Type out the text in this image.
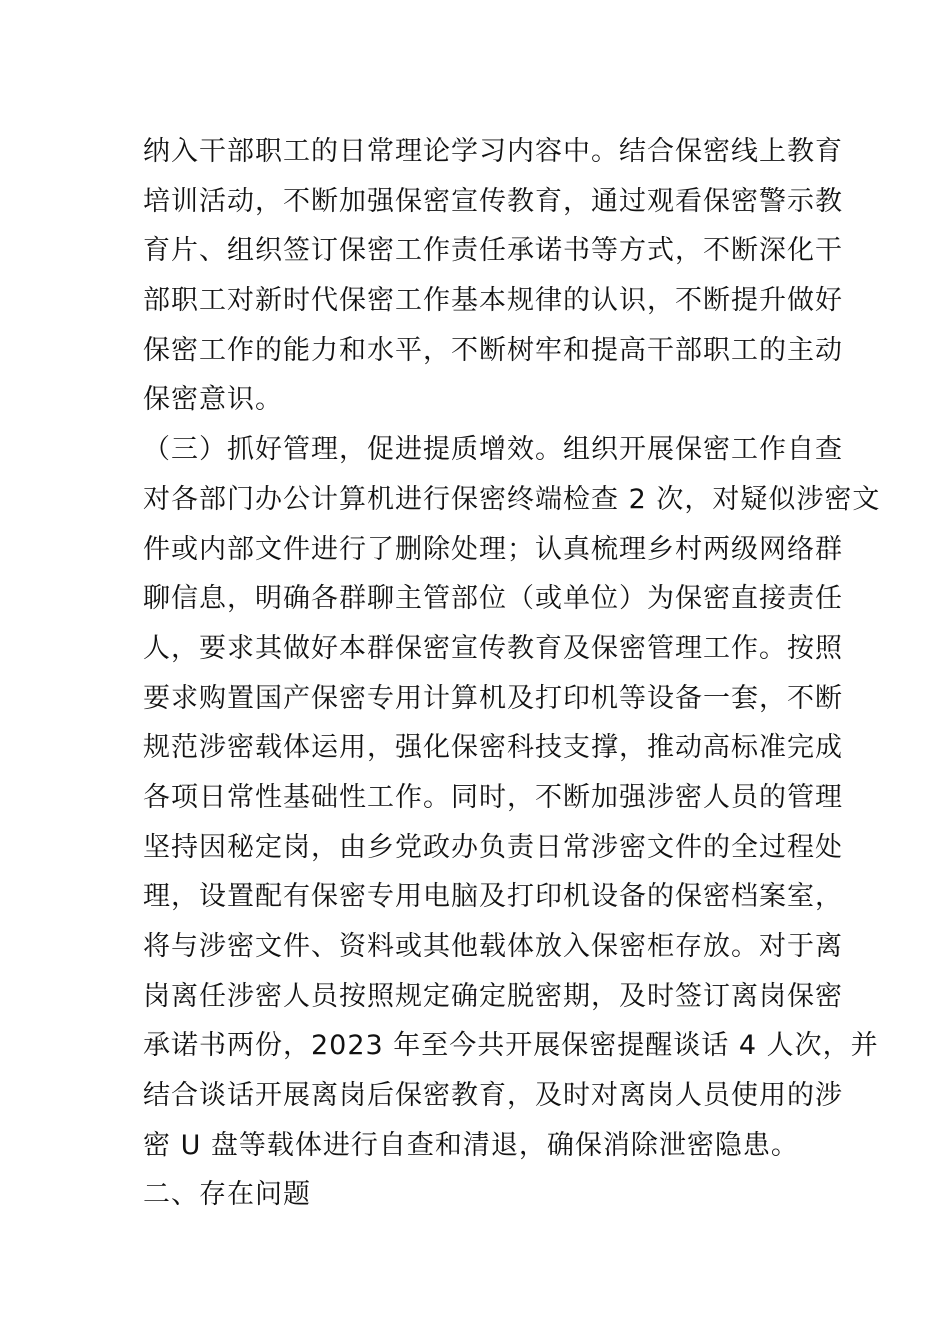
纳入干部职工的日常理论学习内容中。结合保密线上教育
培训活动，不断加强保密宣传教育，通过观看保密警示教
育片、组织签订保密工作责任承诺书等方式，不断深化干
部职工对新时代保密工作基本规律的认识，不断提升做好
保密工作的能力和水平，不断树牢和提高干部职工的主动
保密意识。
（三）抓好管理，促进提质增效。组织开展保密工作自查
对各部门办公计算机进行保密终端检查 2 次，对疑似涉密文
件或内部文件进行了删除处理；认真梳理乡村两级网络群
聊信息，明确各群聊主管部位（或单位）为保密直接责任
人，要求其做好本群保密宣传教育及保密管理工作。按照
要求购置国产保密专用计算机及打印机等设备一套，不断
规范涉密载体运用，强化保密科技支撑，推动高标准完成
各项日常性基础性工作。同时，不断加强涉密人员的管理
坚持因秘定岗，由乡党政办负责日常涉密文件的全过程处
理，设置配有保密专用电脑及打印机设备的保密档案室，
将与涉密文件、资料或其他载体放入保密柜存放。对于离
岗离任涉密人员按照规定确定脱密期，及时签订离岗保密
承诺书两份，2023 年至今共开展保密提醒谈话 4 人次，并
结合谈话开展离岗后保密教育，及时对离岗人员使用的涉
密 U 盘等载体进行自查和清退，确保消除泄密隐患。
二、存在问题
